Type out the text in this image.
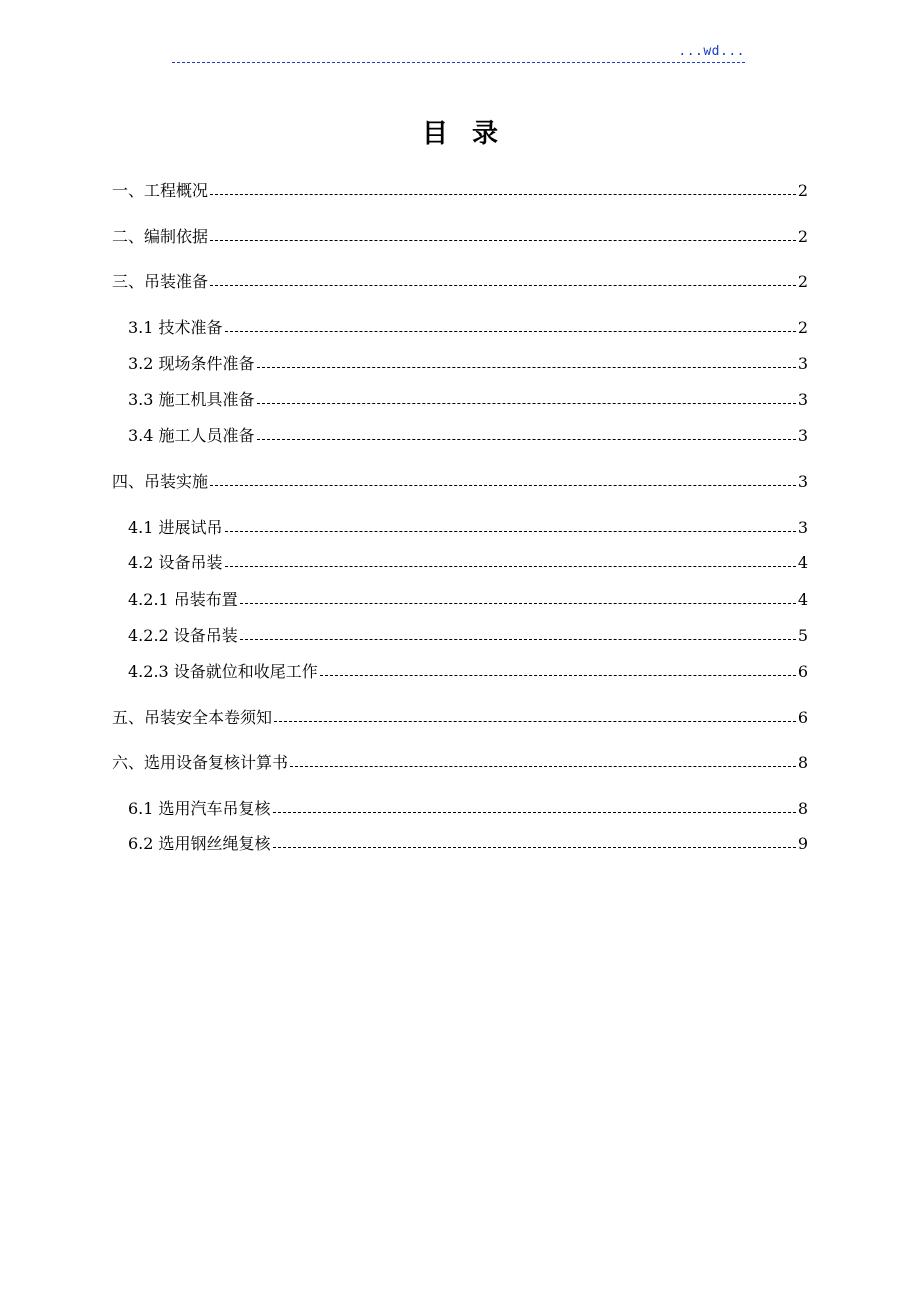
...wd...
目录
一、工程概况	2
二、编制依据	2
三、吊装准备	2
3.1 技术准备	2
3.2 现场条件准备	3
3.3 施工机具准备	3
3.4 施工人员准备	3
四、吊装实施	3
4.1 进展试吊	3
4.2 设备吊装	4
4.2.1 吊装布置	4
4.2.2 设备吊装	5
4.2.3 设备就位和收尾工作	6
五、吊装安全本卷须知	6
六、选用设备复核计算书	8
6.1 选用汽车吊复核	8
6.2 选用钢丝绳复核	9
